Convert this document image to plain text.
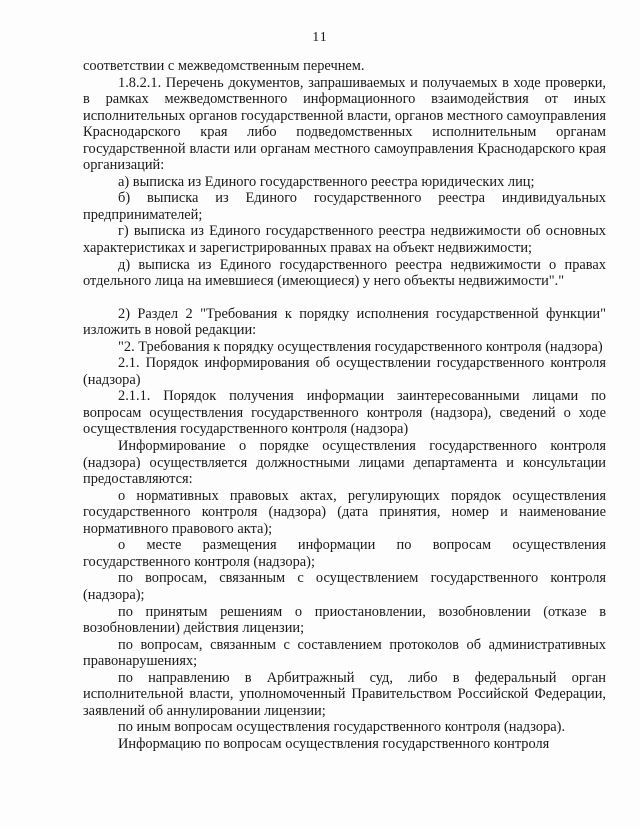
11

соответствии с межведомственным перечнем.

1.8.2.1. Перечень документов, запрашиваемых и получаемых в ходе проверки, в рамках межведомственного информационного взаимодействия от иных исполнительных органов государственной власти, органов местного самоуправления Краснодарского края либо подведомственных исполнительным органам государственной власти или органам местного самоуправления Краснодарского края организаций:

а) выписка из Единого государственного реестра юридических лиц;

б) выписка из Единого государственного реестра индивидуальных предпринимателей;

г) выписка из Единого государственного реестра недвижимости об основных характеристиках и зарегистрированных правах на объект недвижимости;

д) выписка из Единого государственного реестра недвижимости о правах отдельного лица на имевшиеся (имеющиеся) у него объекты недвижимости"."

2) Раздел 2 "Требования к порядку исполнения государственной функции" изложить в новой редакции:

"2. Требования к порядку осуществления государственного контроля (надзора)

2.1. Порядок информирования об осуществлении государственного контроля (надзора)

2.1.1. Порядок получения информации заинтересованными лицами по вопросам осуществления государственного контроля (надзора), сведений о ходе осуществления государственного контроля (надзора)

Информирование о порядке осуществления государственного контроля (надзора) осуществляется должностными лицами департамента и консультации предоставляются:

о нормативных правовых актах, регулирующих порядок осуществления государственного контроля (надзора) (дата принятия, номер и наименование нормативного правового акта);

о месте размещения информации по вопросам осуществления государственного контроля (надзора);

по вопросам, связанным с осуществлением государственного контроля (надзора);

по принятым решениям о приостановлении, возобновлении (отказе в возобновлении) действия лицензии;

по вопросам, связанным с составлением протоколов об административных правонарушениях;

по направлению в Арбитражный суд, либо в федеральный орган исполнительной власти, уполномоченный Правительством Российской Федерации, заявлений об аннулировании лицензии;

по иным вопросам осуществления государственного контроля (надзора).

Информацию по вопросам осуществления государственного контроля
